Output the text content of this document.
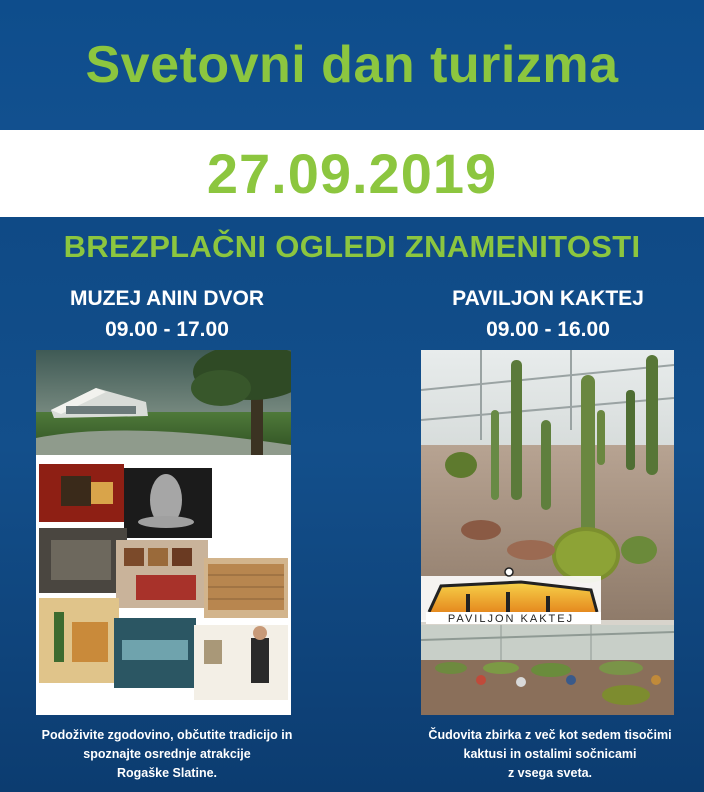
Svetovni dan turizma
27.09.2019
BREZPLAČNI OGLEDI ZNAMENITOSTI
MUZEJ ANIN DVOR
09.00 - 17.00
PAVILJON KAKTEJ
09.00 - 16.00
PAVILJON KAKTEJ
Podoživite zgodovino, občutite tradicijo in
spoznajte osrednje atrakcije
Rogaške Slatine.
Čudovita zbirka z več kot sedem tisočimi
kaktusi in ostalimi sočnicami
z vsega sveta.
